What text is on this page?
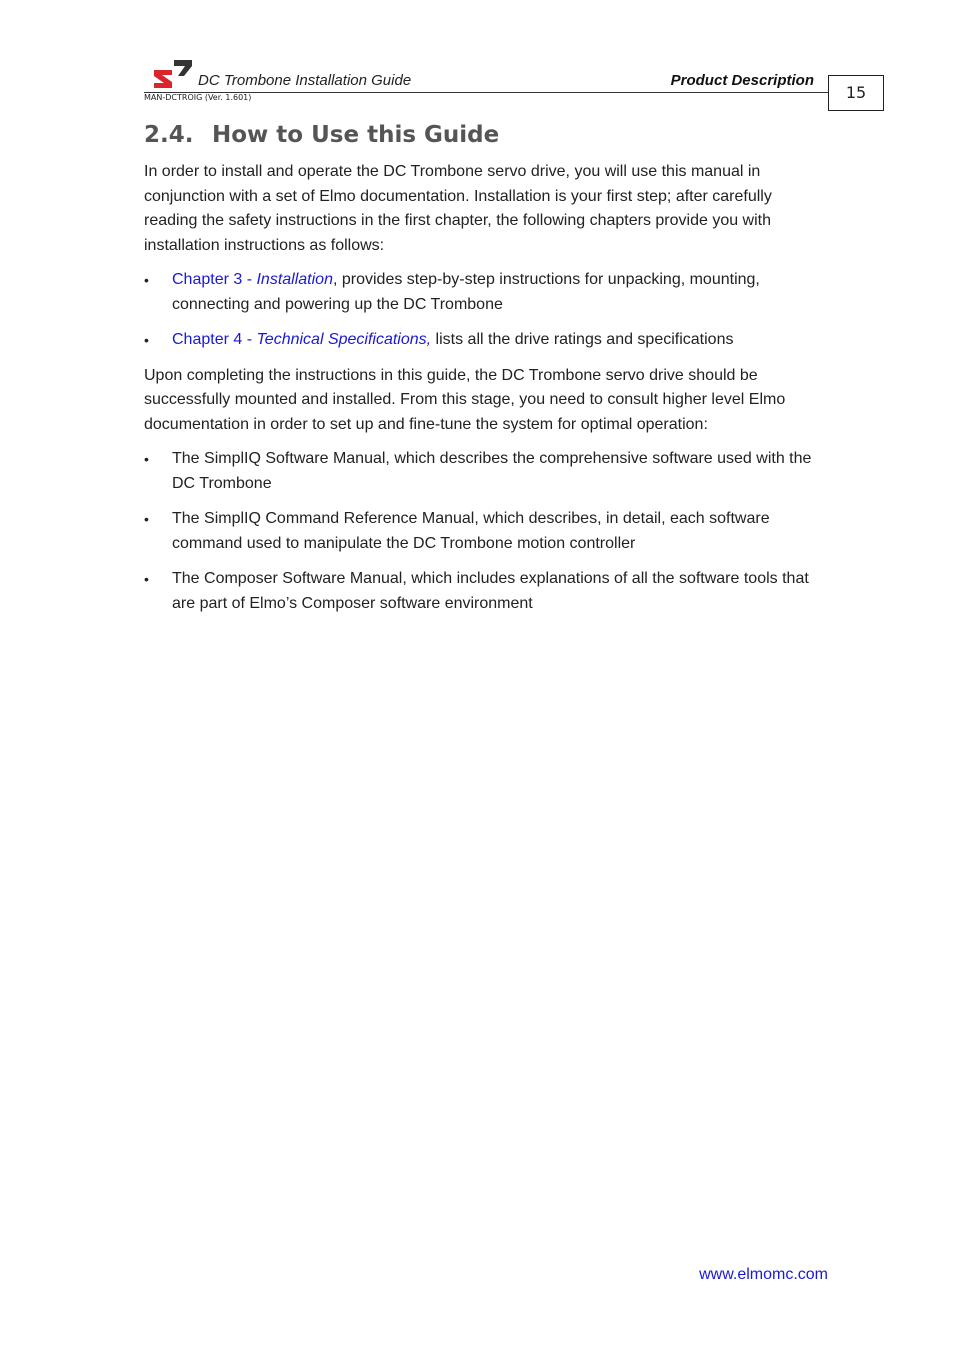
DC Trombone Installation Guide	Product Description
MAN-DCTROIG (Ver. 1.601)	15
2.4. How to Use this Guide

In order to install and operate the DC Trombone servo drive, you will use this manual in conjunction with a set of Elmo documentation. Installation is your first step; after carefully reading the safety instructions in the first chapter, the following chapters provide you with installation instructions as follows:

• Chapter 3 - Installation, provides step-by-step instructions for unpacking, mounting, connecting and powering up the DC Trombone
• Chapter 4 - Technical Specifications, lists all the drive ratings and specifications

Upon completing the instructions in this guide, the DC Trombone servo drive should be successfully mounted and installed. From this stage, you need to consult higher level Elmo documentation in order to set up and fine-tune the system for optimal operation:

• The SimplIQ Software Manual, which describes the comprehensive software used with the DC Trombone
• The SimplIQ Command Reference Manual, which describes, in detail, each software command used to manipulate the DC Trombone motion controller
• The Composer Software Manual, which includes explanations of all the software tools that are part of Elmo’s Composer software environment
www.elmomc.com
